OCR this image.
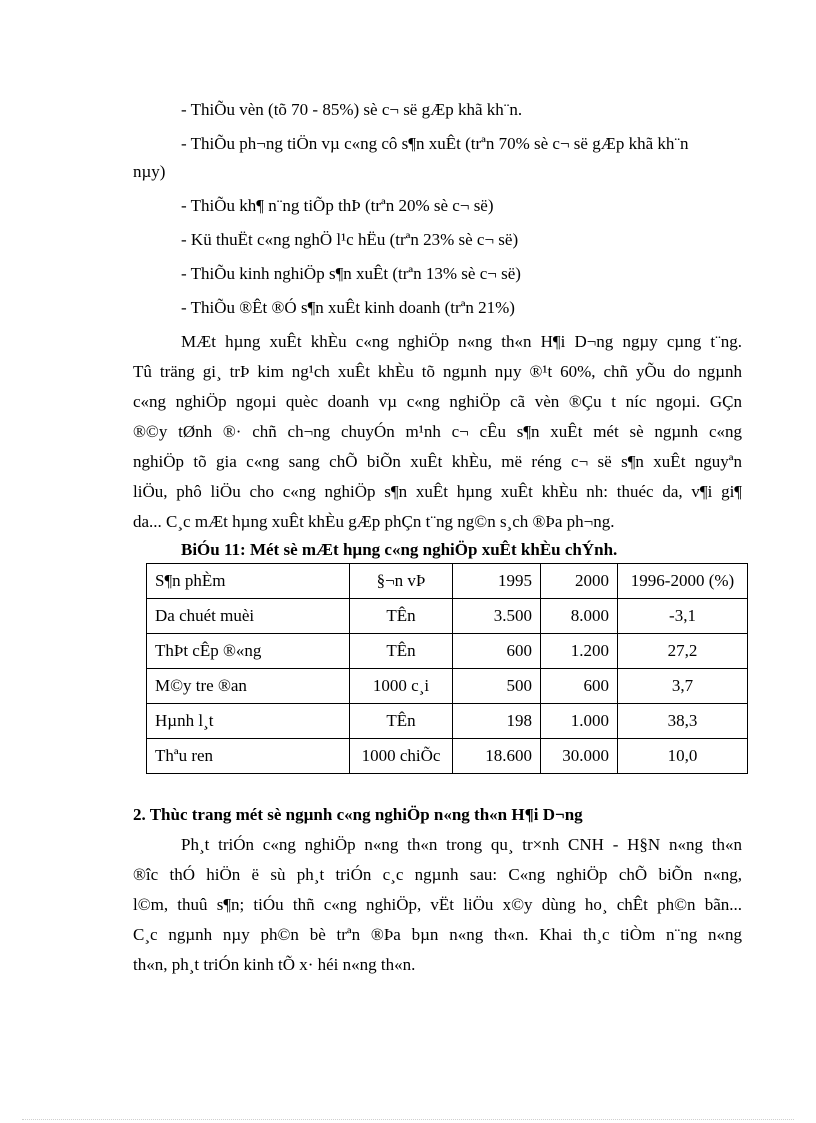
- ThiÕu vèn (tõ 70 - 85%) sè c¬ së gÆp khã kh¨n.
- ThiÕu ph¬ng tiÖn vµ c«ng cô s¶n xuÊt (trªn 70% sè c¬ së gÆp khã kh¨n
nµy)
- ThiÕu kh¶ n¨ng tiÕp thÞ (trªn 20% sè c¬ së)
- Kü thuËt c«ng nghÖ l¹c hËu (trªn 23% sè c¬ së)
- ThiÕu kinh nghiÖp s¶n xuÊt (trªn 13% sè c¬ së)
- ThiÕu ®Êt ®Ó s¶n xuÊt kinh doanh (trªn 21%)
MÆt hµng xuÊt khÈu c«ng nghiÖp n«ng th«n H¶i D¬ng ngµy cµng t¨ng.
Tû träng gi¸ trÞ kim ng¹ch xuÊt khÈu tõ ngµnh nµy ®¹t 60%, chñ yÕu do ngµnh
c«ng nghiÖp ngoµi quèc doanh vµ c«ng nghiÖp cã vèn ®Çu t níc ngoµi. GÇn
®©y tØnh ®· chñ ch¬ng chuyÓn m¹nh c¬ cÊu s¶n xuÊt mét sè ngµnh c«ng
nghiÖp tõ gia c«ng sang chÕ biÕn xuÊt khÈu, më réng c¬ së s¶n xuÊt nguyªn
liÖu, phô liÖu cho c«ng nghiÖp s¶n xuÊt hµng xuÊt khÈu nh: thuéc da, v¶i gi¶
da... C¸c mÆt hµng xuÊt khÈu gÆp phÇn t¨ng ng©n s¸ch ®Þa ph¬ng.
BiÓu 11: Mét sè mÆt hµng c«ng nghiÖp xuÊt khÈu chÝnh.
S¶n phÈm	§¬n vÞ	1995	2000	1996-2000 (%)
Da chuét muèi	TÊn	3.500	8.000	-3,1
ThÞt cÊp ®«ng	TÊn	600	1.200	27,2
M©y tre ®an	1000 c¸i	500	600	3,7
Hµnh l¸t	TÊn	198	1.000	38,3
Thªu ren	1000 chiÕc	18.600	30.000	10,0
2. Thùc trang mét sè ngµnh c«ng nghiÖp n«ng th«n H¶i D¬ng
Ph¸t triÓn c«ng nghiÖp n«ng th«n trong qu¸ tr×nh CNH - H§N n«ng th«n
®îc thÓ hiÖn ë sù ph¸t triÓn c¸c ngµnh sau: C«ng nghiÖp chÕ biÕn n«ng,
l©m, thuû s¶n; tiÓu thñ c«ng nghiÖp, vËt liÖu x©y dùng ho¸ chÊt ph©n bãn...
C¸c ngµnh nµy ph©n bè trªn ®Þa bµn n«ng th«n. Khai th¸c tiÒm n¨ng n«ng
th«n, ph¸t triÓn kinh tÕ x· héi n«ng th«n.
